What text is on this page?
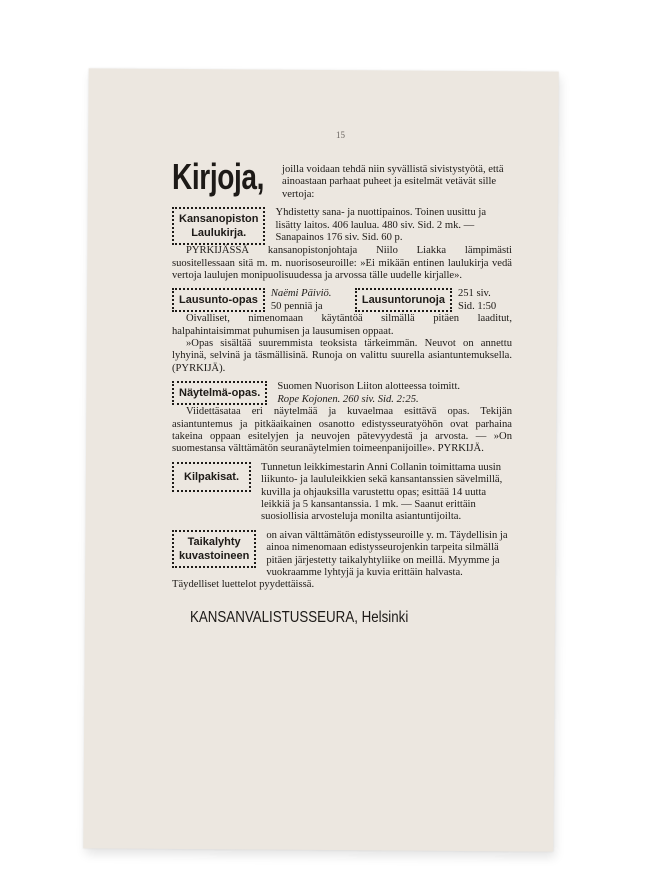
15
Kirjoja, joilla voidaan tehdä niin syvällistä sivistystyötä, että ainoastaan parhaat puheet ja esitelmät vetävät sille vertoja:
Kansanopiston
Laulukirja.
Yhdistetty sana- ja nuottipainos. Toinen uusittu ja lisätty laitos. 406 laulua. 480 siv. Sid. 2 mk. — Sanapainos 176 siv. Sid. 60 p.
PYRKIJÄSSÄ kansanopistonjohtaja Niilo Liakka lämpimästi suositellessaan sitä m. m. nuorisoseuroille: »Ei mikään entinen laulukirja vedä vertoja laulujen monipuolisuudessa ja arvossa tälle uudelle kirjalle».
Lausunto-opas
Naëmi Päiviö.
50 penniä ja	Lausuntorunoja
251 siv.
Sid. 1:50
Oivalliset, nimenomaan käytäntöä silmällä pitäen laaditut, halpahintaisimmat puhumisen ja lausumisen oppaat.
»Opas sisältää suuremmista teoksista tärkeimmän. Neuvot on annettu lyhyinä, selvinä ja täsmällisinä. Runoja on valittu suurella asiantuntemuksella. (PYRKIJÄ).
Näytelmä-opas.
Suomen Nuorison Liiton alotteessa toimitt.
Rope Kojonen. 260 siv. Sid. 2:25.
Viidettäsataa eri näytelmää ja kuvaelmaa esittävä opas. Tekijän asiantuntemus ja pitkäaikainen osanotto edistysseuratyöhön ovat parhaina takeina oppaan esitelyjen ja neuvojen pätevyydestä ja arvosta. — »On suomestansa välttämätön seuranäytelmien toimeenpanijoille». PYRKIJÄ.
Kilpakisat.
Tunnetun leikkimestarin Anni Collanin toimittama uusin liikunto- ja laululeikkien sekä kansantanssien sävelmillä, kuvilla ja ohjauksilla varustettu opas; esittää 14 uutta leikkiä ja 5 kansantanssia. 1 mk. — Saanut erittäin suosiollisia arvosteluja monilta asiantuntijoilta.
Taikalyhty
kuvastoineen
on aivan välttämätön edistysseuroille y. m. Täydellisin ja ainoa nimenomaan edistysseurojenkin tarpeita silmällä pitäen järjestetty taikalyhtyliike on meillä. Myymme ja vuokraamme lyhtyjä ja kuvia erittäin halvasta.
Täydelliset luettelot pyydettäissä.
KANSANVALISTUSSEURA, Helsinki
